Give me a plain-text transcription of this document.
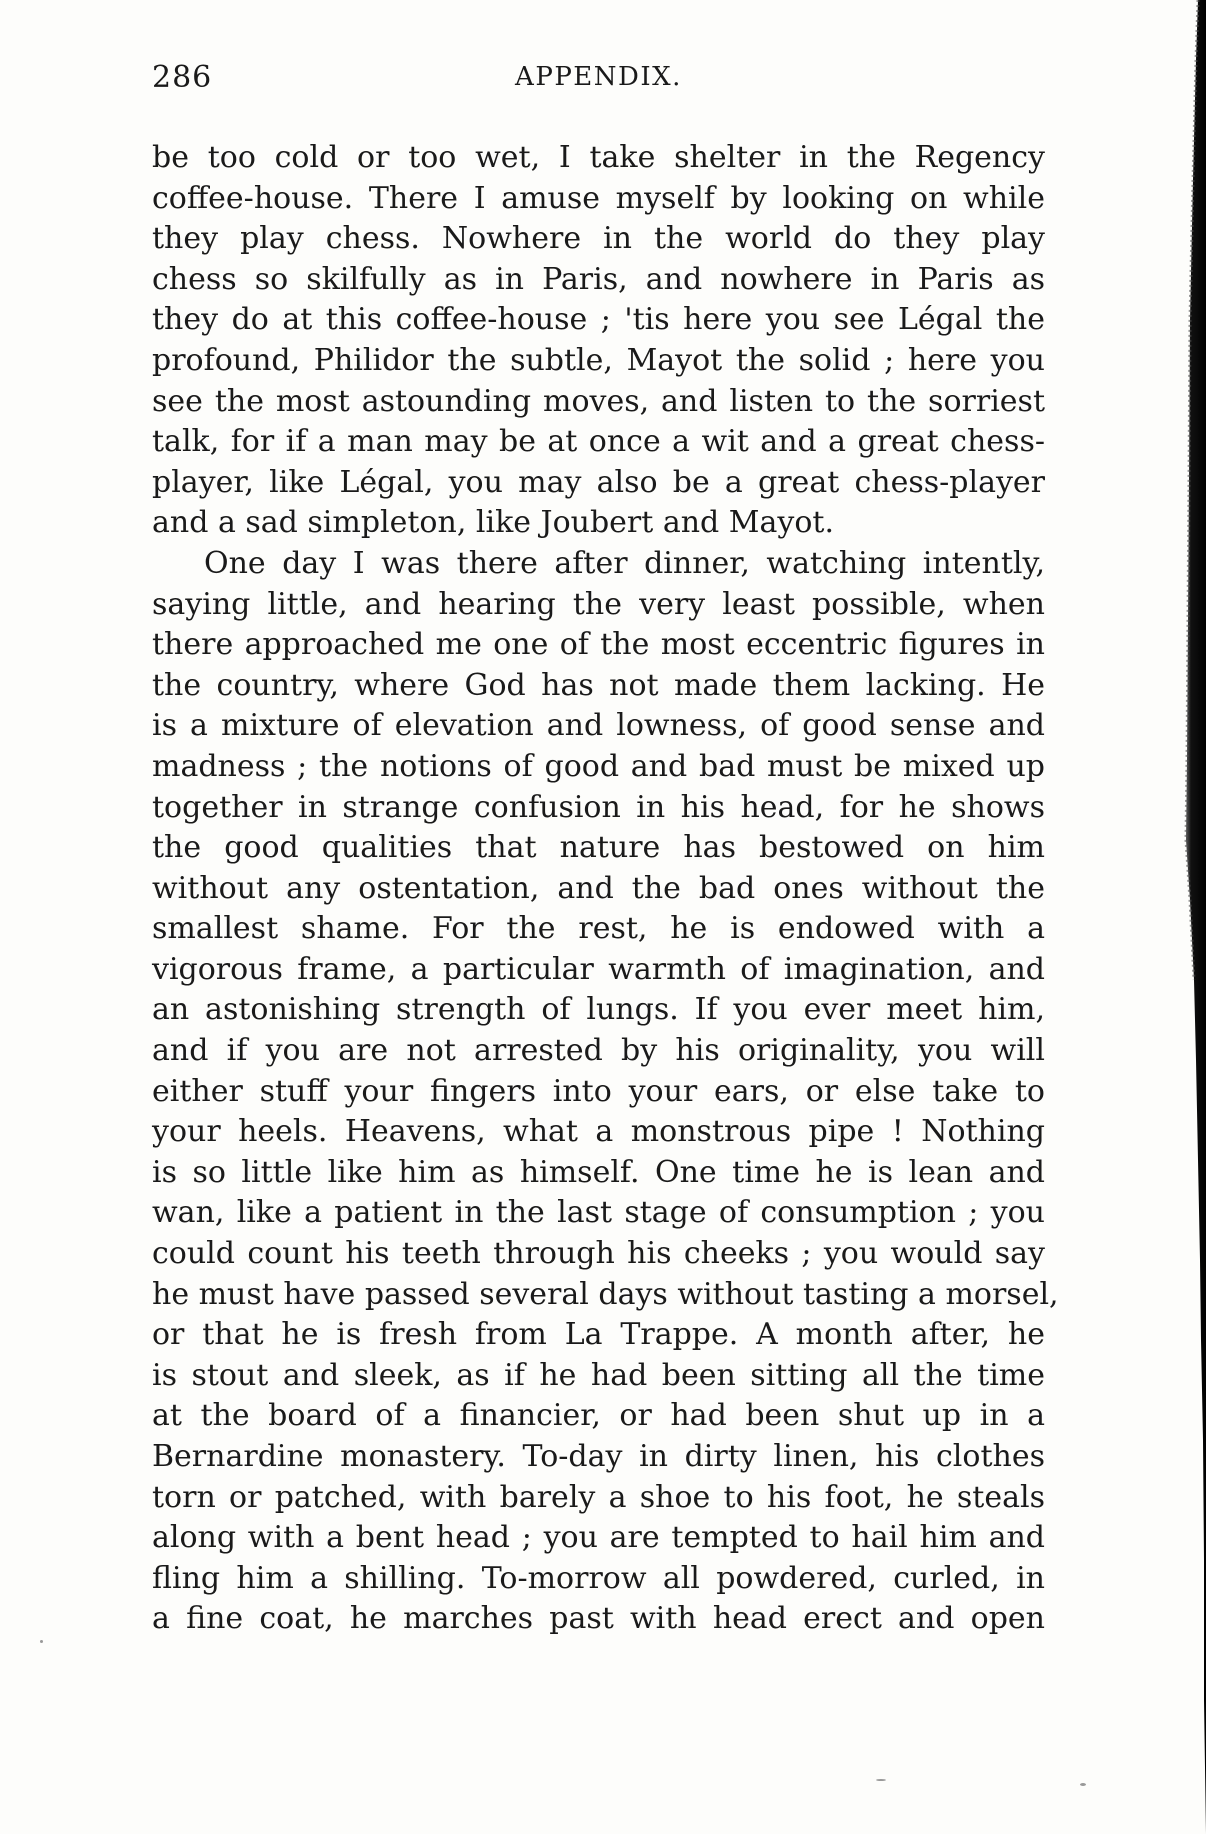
286	APPENDIX.

be too cold or too wet, I take shelter in the Regency

coffee-house. There I amuse myself by looking on while

they play chess. Nowhere in the world do they play

chess so skilfully as in Paris, and nowhere in Paris as

they do at this coffee-house ; 'tis here you see Légal the

profound, Philidor the subtle, Mayot the solid ; here you

see the most astounding moves, and listen to the sorriest

talk, for if a man may be at once a wit and a great chess-

player, like Légal, you may also be a great chess-player

and a sad simpleton, like Joubert and Mayot.

One day I was there after dinner, watching intently,

saying little, and hearing the very least possible, when

there approached me one of the most eccentric figures in

the country, where God has not made them lacking. He

is a mixture of elevation and lowness, of good sense and

madness ; the notions of good and bad must be mixed up

together in strange confusion in his head, for he shows

the good qualities that nature has bestowed on him

without any ostentation, and the bad ones without the

smallest shame. For the rest, he is endowed with a

vigorous frame, a particular warmth of imagination, and

an astonishing strength of lungs. If you ever meet him,

and if you are not arrested by his originality, you will

either stuff your fingers into your ears, or else take to

your heels. Heavens, what a monstrous pipe ! Nothing

is so little like him as himself. One time he is lean and

wan, like a patient in the last stage of consumption ; you

could count his teeth through his cheeks ; you would say

he must have passed several days without tasting a morsel,

or that he is fresh from La Trappe. A month after, he

is stout and sleek, as if he had been sitting all the time

at the board of a financier, or had been shut up in a

Bernardine monastery. To-day in dirty linen, his clothes

torn or patched, with barely a shoe to his foot, he steals

along with a bent head ; you are tempted to hail him and

fling him a shilling. To-morrow all powdered, curled, in

a fine coat, he marches past with head erect and open
